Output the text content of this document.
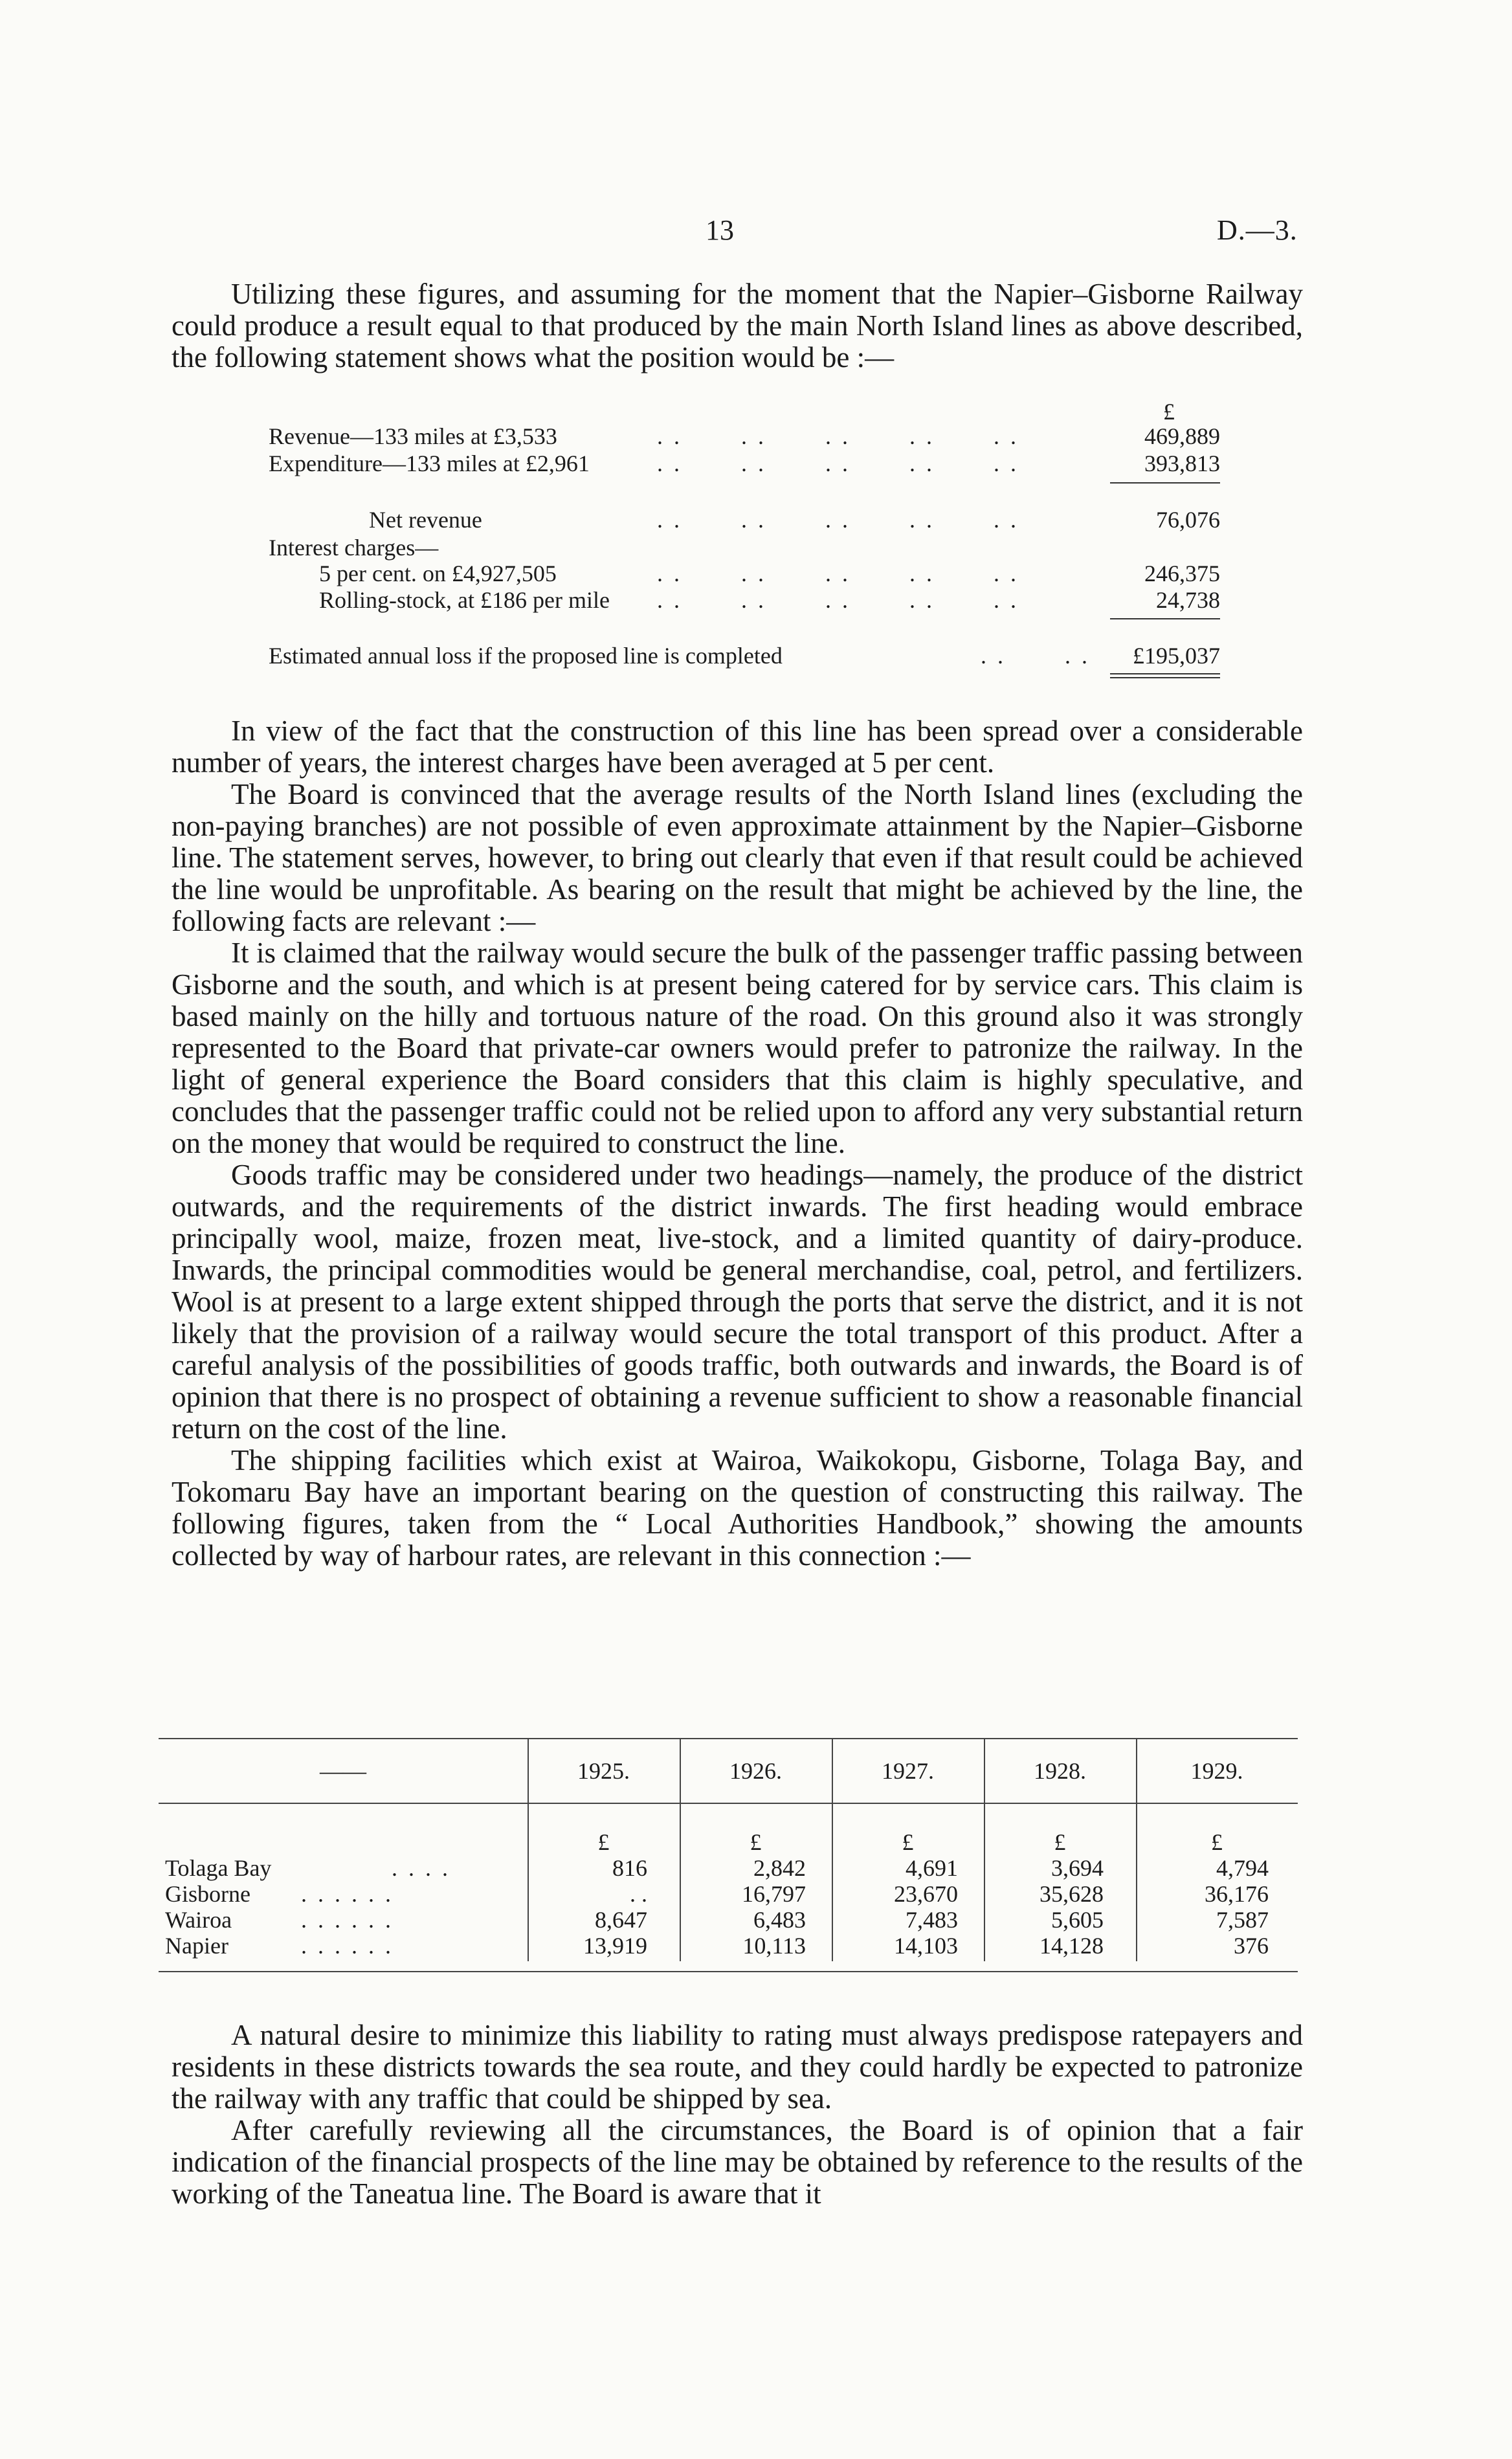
13	D.—3.

Utilizing these figures, and assuming for the moment that the Napier–Gisborne Railway could produce a result equal to that produced by the main North Island lines as above described, the following statement shows what the position would be :—

£
Revenue—133 miles at £3,533	. .       . .       . .       . .       . .	469,889
Expenditure—133 miles at £2,961	. .       . .       . .       . .       . .	393,813
Net revenue	. .       . .       . .       . .       . .	76,076
Interest charges—
5 per cent. on £4,927,505	. .       . .       . .       . .       . .	246,375
Rolling-stock, at £186 per mile . .       . .       . .       . .       . .	24,738
Estimated annual loss if the proposed line is completed	. .       . . £195,037

In view of the fact that the construction of this line has been spread over a considerable number of years, the interest charges have been averaged at 5 per cent.

The Board is convinced that the average results of the North Island lines (excluding the non-paying branches) are not possible of even approximate attainment by the Napier–Gisborne line. The statement serves, however, to bring out clearly that even if that result could be achieved the line would be unprofitable. As bearing on the result that might be achieved by the line, the following facts are relevant :—

It is claimed that the railway would secure the bulk of the passenger traffic passing between Gisborne and the south, and which is at present being catered for by service cars. This claim is based mainly on the hilly and tortuous nature of the road. On this ground also it was strongly represented to the Board that private-car owners would prefer to patronize the railway. In the light of general experience the Board considers that this claim is highly speculative, and concludes that the passenger traffic could not be relied upon to afford any very substantial return on the money that would be required to construct the line.

Goods traffic may be considered under two headings—namely, the produce of the district outwards, and the requirements of the district inwards. The first heading would embrace principally wool, maize, frozen meat, live-stock, and a limited quantity of dairy-produce. Inwards, the principal commodities would be general merchandise, coal, petrol, and fertilizers. Wool is at present to a large extent shipped through the ports that serve the district, and it is not likely that the provision of a railway would secure the total transport of this product. After a careful analysis of the possibilities of goods traffic, both outwards and inwards, the Board is of opinion that there is no prospect of obtaining a revenue sufficient to show a reasonable financial return on the cost of the line.

The shipping facilities which exist at Wairoa, Waikokopu, Gisborne, Tolaga Bay, and Tokomaru Bay have an important bearing on the question of constructing this railway. The following figures, taken from the “ Local Authorities Handbook,” showing the amounts collected by way of harbour rates, are relevant in this connection :—

——	1925.	1926.	1927.	1928.	1929.
£	£	£	£	£
Tolaga Bay	. . . .	816	2,842	4,691	3,694	4,794
Gisborne . . . . . .	. .	16,797	23,670	35,628	36,176
Wairoa	. . . . . .	8,647	6,483	7,483	5,605	7,587
Napier	. . . . . .	13,919	10,113	14,103	14,128	376

A natural desire to minimize this liability to rating must always predispose ratepayers and residents in these districts towards the sea route, and they could hardly be expected to patronize the railway with any traffic that could be shipped by sea.

After carefully reviewing all the circumstances, the Board is of opinion that a fair indication of the financial prospects of the line may be obtained by reference to the results of the working of the Taneatua line. The Board is aware that it
